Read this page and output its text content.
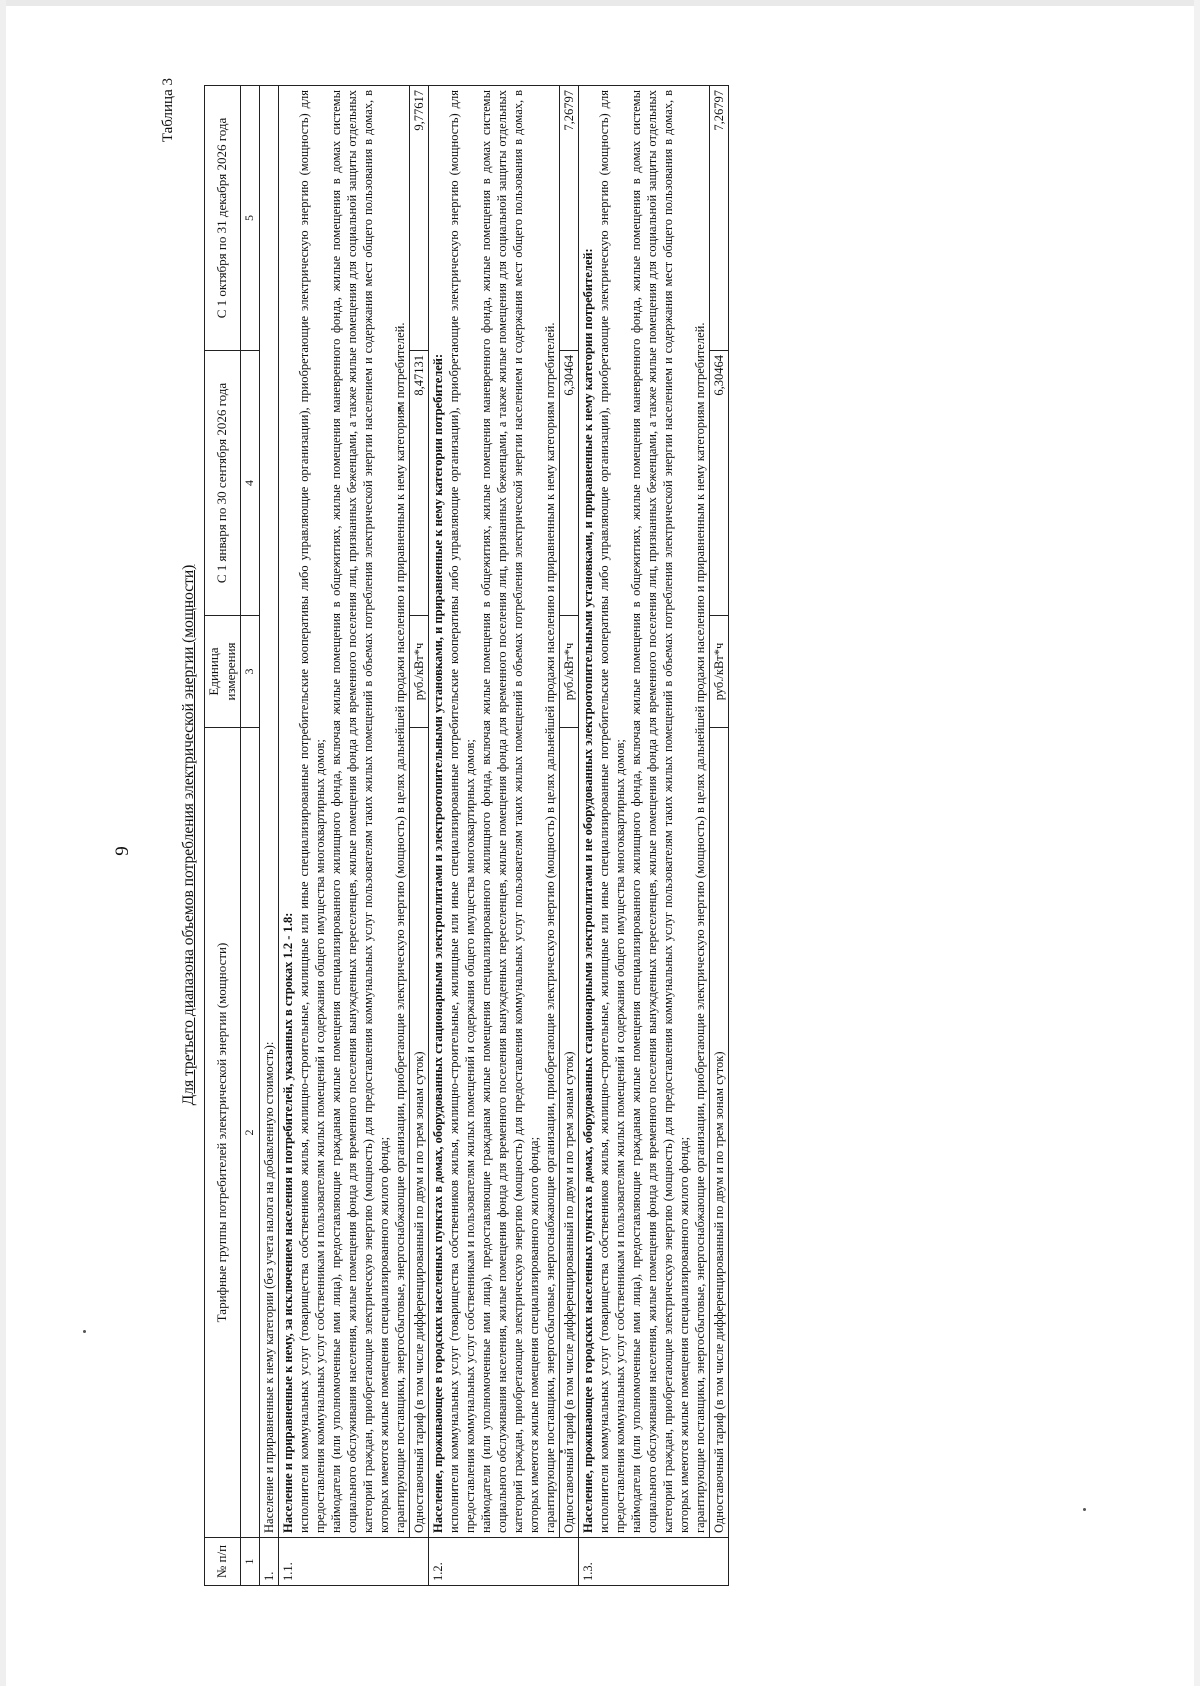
9
Таблица 3
Для третьего диапазона объемов потребления электрической энергии (мощности)
№ п/п	Тарифные группы потребителей электрической энергии (мощности)	Единица измерения	С 1 января по 30 сентября 2026 года	С 1 октября по 31 декабря 2026 года
1	2	3	4	5
1.	Население и приравненные к нему категории (без учета налога на добавленную стоимость):			
1.1.	Население и приравненные к нему, за исключением населения и потребителей, указанных в строках 1.2 - 1.8: исполнители коммунальных услуг (товарищества собственников жилья, жилищно-строительные, жилищные или иные специализированные потребительские кооперативы либо управляющие организации), приобретающие электрическую энергию (мощность) для предоставления коммунальных услуг собственникам и пользователям жилых помещений и содержания общего имущества многоквартирных домов; наймодатели (или уполномоченные ими лица), предоставляющие гражданам жилые помещения специализированного жилищного фонда, включая жилые помещения в общежитиях, жилые помещения маневренного фонда, жилые помещения в домах системы социального обслуживания населения, жилые помещения фонда для временного поселения вынужденных переселенцев, жилые помещения фонда для временного поселения лиц, признанных беженцами, а также жилые помещения для социальной защиты отдельных категорий граждан, приобретающие электрическую энергию (мощность) для предоставления коммунальных услуг пользователям таких жилых помещений в объемах потребления электрической энергии населением и содержания мест общего пользования в домах, в которых имеются жилые помещения специализированного жилого фонда; гарантирующие поставщики, энергосбытовые, энергоснабжающие организации, приобретающие электрическую энергию (мощность) в целях дальнейшей продажи населению и приравненным к нему категориям потребителей.			

	Одноставочный тариф (в том числе дифференцированный по двум и по трем зонам суток)	руб./кВт*ч	8,47131	9,77617
1.2.	Население, проживающее в городских населенных пунктах в домах, оборудованных стационарными электроплитами и электроотопительными установками, и приравненные к нему категории потребителей: исполнители коммунальных услуг (товарищества собственников жилья, жилищно-строительные, жилищные или иные специализированные потребительские кооперативы либо управляющие организации), приобретающие электрическую энергию (мощность) для предоставления коммунальных услуг собственникам и пользователям жилых помещений и содержания общего имущества многоквартирных домов; наймодатели (или уполномоченные ими лица), предоставляющие гражданам жилые помещения специализированного жилищного фонда, включая жилые помещения в общежитиях, жилые помещения маневренного фонда, жилые помещения в домах системы социального обслуживания населения, жилые помещения фонда для временного поселения вынужденных переселенцев, жилые помещения фонда для временного поселения лиц, признанных беженцами, а также жилые помещения для социальной защиты отдельных категорий граждан, приобретающие электрическую энергию (мощность) для предоставления коммунальных услуг пользователям таких жилых помещений в объемах потребления электрической энергии населением и содержания мест общего пользования в домах, в которых имеются жилые помещения специализированного жилого фонда; гарантирующие поставщики, энергосбытовые, энергоснабжающие организации, приобретающие электрическую энергию (мощность) в целях дальнейшей продажи населению и приравненным к нему категориям потребителей.			

	Одноставочный тариф (в том числе дифференцированный по двум и по трем зонам суток)	руб./кВт*ч	6,30464	7,26797
1.3.	Население, проживающее в городских населенных пунктах в домах, оборудованных стационарными электроплитами и не оборудованных электроотопительными установками, и приравненные к нему категории потребителей: исполнители коммунальных услуг (товарищества собственников жилья, жилищно-строительные, жилищные или иные специализированные потребительские кооперативы либо управляющие организации), приобретающие электрическую энергию (мощность) для предоставления коммунальных услуг собственникам и пользователям жилых помещений и содержания общего имущества многоквартирных домов; наймодатели (или уполномоченные ими лица), предоставляющие гражданам жилые помещения специализированного жилищного фонда, включая жилые помещения в общежитиях, жилые помещения маневренного фонда, жилые помещения в домах системы социального обслуживания населения, жилые помещения фонда для временного поселения вынужденных переселенцев, жилые помещения фонда для временного поселения лиц, признанных беженцами, а также жилые помещения для социальной защиты отдельных категорий граждан, приобретающие электрическую энергию (мощность) для предоставления коммунальных услуг пользователям таких жилых помещений в объемах потребления электрической энергии населением и содержания мест общего пользования в домах, в которых имеются жилые помещения специализированного жилого фонда; гарантирующие поставщики, энергосбытовые, энергоснабжающие организации, приобретающие электрическую энергию (мощность) в целях дальнейшей продажи населению и приравненным к нему категориям потребителей.			

	Одноставочный тариф (в том числе дифференцированный по двум и по трем зонам суток)	руб./кВт*ч	6,30464	7,26797
